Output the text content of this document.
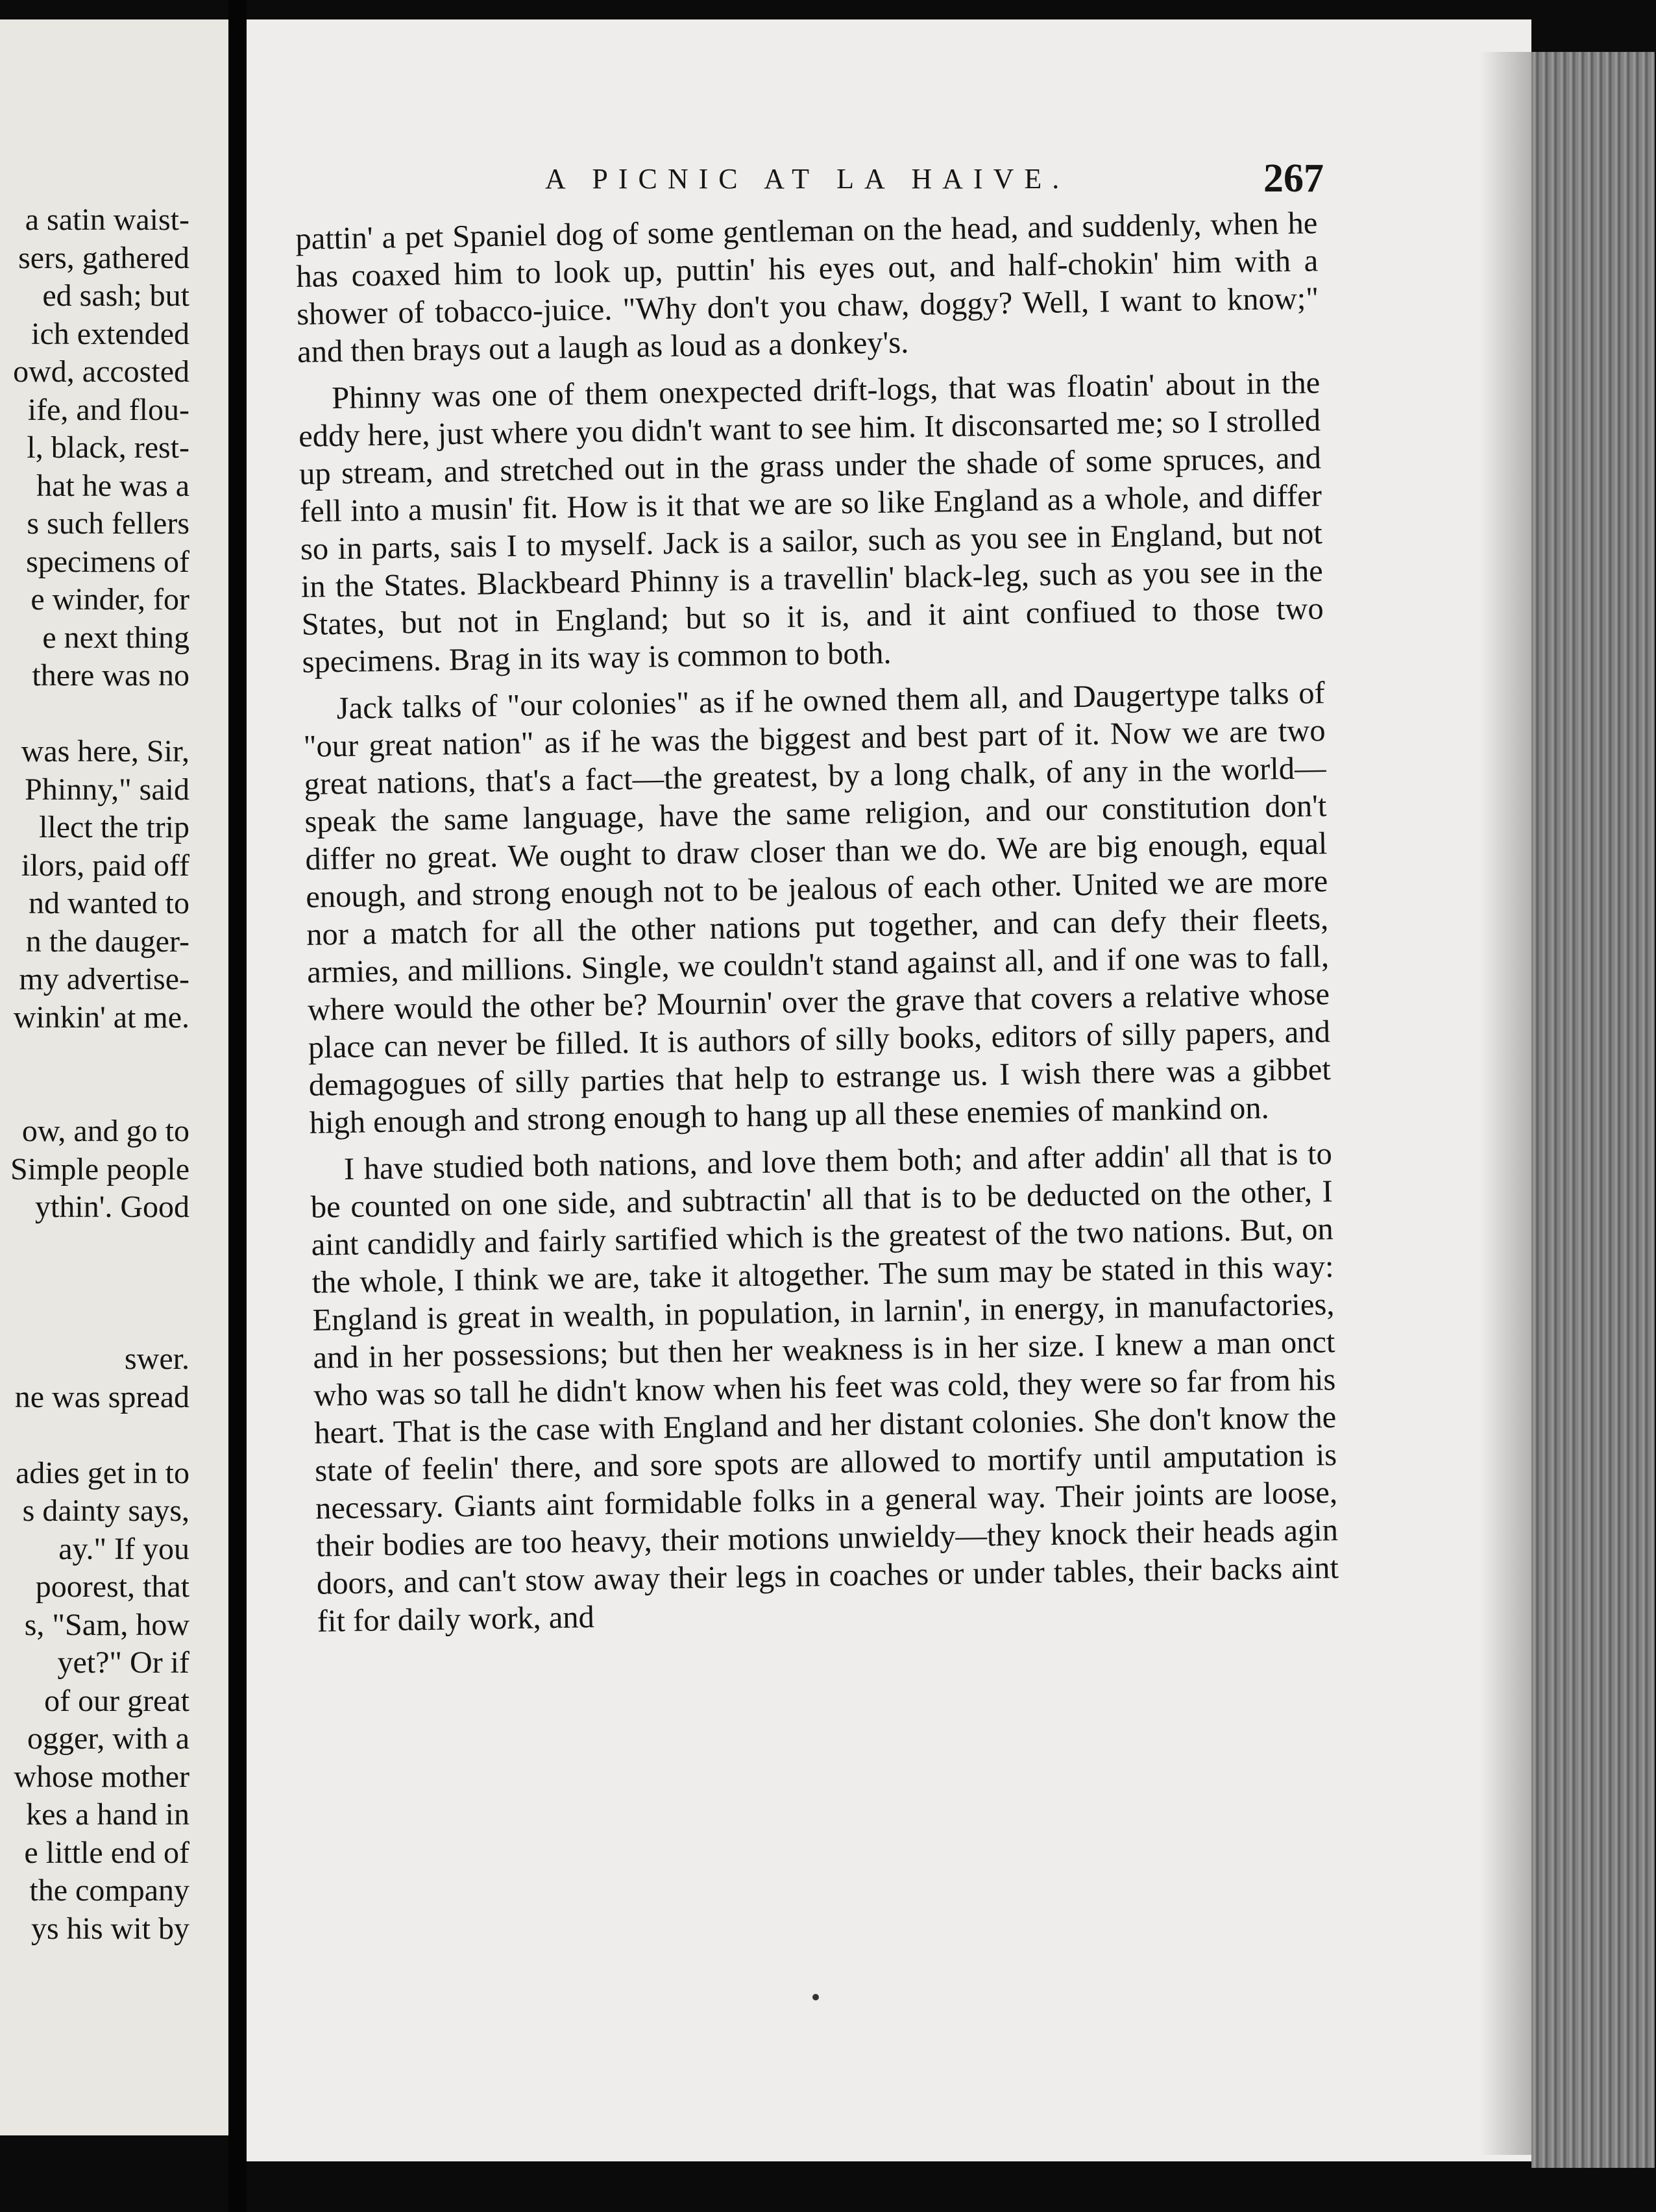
a satin waist-
sers, gathered
ed sash; but
ich extended
owd, accosted
ife, and flou-
l, black, rest-
hat he was a
s such fellers
specimens of
e winder, for
e next thing
there was no
was here, Sir,
Phinny," said
llect the trip
ilors, paid off
nd wanted to
n the dauger-
my advertise-
winkin' at me.
ow, and go to
Simple people
ythin'. Good
swer.
ne was spread
adies get in to
s dainty says,
ay." If you
poorest, that
s, "Sam, how
yet?" Or if
of our great
ogger, with a
whose mother
kes a hand in
e little end of
the company
ys his wit by
A PICNIC AT LA HAIVE.	267

pattin' a pet Spaniel dog of some gentleman on the head, and suddenly, when he has coaxed him to look up, puttin' his eyes out, and half-chokin' him with a shower of tobacco-juice. "Why don't you chaw, doggy? Well, I want to know;" and then brays out a laugh as loud as a donkey's.

Phinny was one of them onexpected drift-logs, that was floatin' about in the eddy here, just where you didn't want to see him. It disconsarted me; so I strolled up stream, and stretched out in the grass under the shade of some spruces, and fell into a musin' fit. How is it that we are so like England as a whole, and differ so in parts, sais I to myself. Jack is a sailor, such as you see in England, but not in the States. Blackbeard Phinny is a travellin' black-leg, such as you see in the States, but not in England; but so it is, and it aint confiued to those two specimens. Brag in its way is common to both.

Jack talks of "our colonies" as if he owned them all, and Daugertype talks of "our great nation" as if he was the biggest and best part of it. Now we are two great nations, that's a fact—the greatest, by a long chalk, of any in the world—speak the same language, have the same religion, and our constitution don't differ no great. We ought to draw closer than we do. We are big enough, equal enough, and strong enough not to be jealous of each other. United we are more nor a match for all the other nations put together, and can defy their fleets, armies, and millions. Single, we couldn't stand against all, and if one was to fall, where would the other be? Mournin' over the grave that covers a relative whose place can never be filled. It is authors of silly books, editors of silly papers, and demagogues of silly parties that help to estrange us. I wish there was a gibbet high enough and strong enough to hang up all these enemies of mankind on.

I have studied both nations, and love them both; and after addin' all that is to be counted on one side, and subtractin' all that is to be deducted on the other, I aint candidly and fairly sartified which is the greatest of the two nations. But, on the whole, I think we are, take it altogether. The sum may be stated in this way: England is great in wealth, in population, in larnin', in energy, in manufactories, and in her possessions; but then her weakness is in her size. I knew a man onct who was so tall he didn't know when his feet was cold, they were so far from his heart. That is the case with England and her distant colonies. She don't know the state of feelin' there, and sore spots are allowed to mortify until amputation is necessary. Giants aint formidable folks in a general way. Their joints are loose, their bodies are too heavy, their motions unwieldy—they knock their heads agin doors, and can't stow away their legs in coaches or under tables, their backs aint fit for daily work, and
